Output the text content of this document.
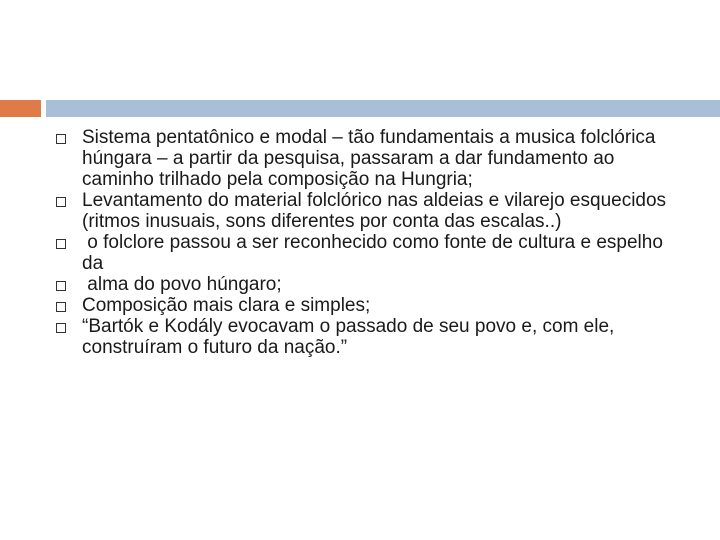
Sistema pentatônico e modal – tão fundamentais a musica folclórica húngara – a partir da pesquisa, passaram a dar fundamento ao caminho trilhado pela composição na Hungria;
Levantamento do material folclórico nas aldeias e vilarejo esquecidos (ritmos inusuais, sons diferentes por conta das escalas..)
o folclore passou a ser reconhecido como fonte de cultura e espelho da
alma do povo húngaro;
Composição mais clara e simples;
“Bartók e Kodály evocavam o passado de seu povo e, com ele, construíram o futuro da nação.”
